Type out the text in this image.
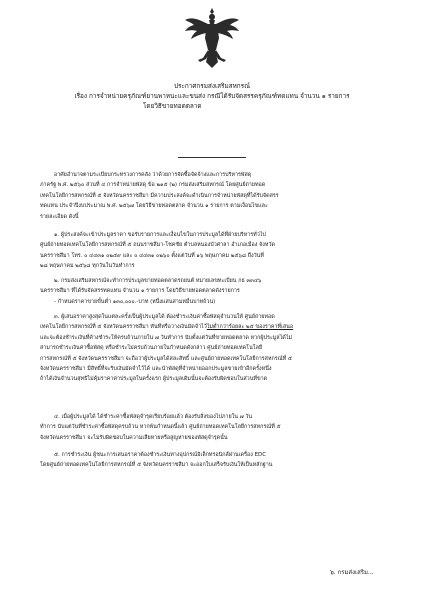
ประกาศกรมส่งเสริมสหกรณ์
เรื่อง การจำหน่ายครุภัณฑ์ยานพาหนะและขนส่ง กรณีได้รับจัดสรรครุภัณฑ์ทดแทน จำนวน ๑ รายการ
โดยวิธีขายทอดตลาด
อาศัยอำนาจตามระเบียบกระทรวงการคลัง ว่าด้วยการจัดซื้อจัดจ้างและการบริหารพัสดุ
ภาครัฐ พ.ศ. ๒๕๖๐ ส่วนที่ ๔ การจำหน่ายพัสดุ ข้อ ๒๑๕ (๒) กรมส่งเสริมสหกรณ์ โดยศูนย์ถ่ายทอด
เทคโนโลยีการสหกรณ์ที่ ๕ จังหวัดนครราชสีมา มีความประสงค์จะดำเนินการจำหน่ายพัสดุที่ได้รับจัดสรร
ทดแทน ประจำปีงบประมาณ พ.ศ. ๒๕๖๗ โดยวิธีขายทอดตลาด จำนวน ๑ รายการ ตามเงื่อนไขและ
รายละเอียด ดังนี้
๑. ผู้ประสงค์จะเข้าประมูลราคา ขอรับรายการและเงื่อนไขในการประมูลได้ที่ฝ่ายบริหารทั่วไป
ศูนย์ถ่ายทอดเทคโนโลยีการสหกรณ์ที่ ๕ ถนนราชสีมา-โชคชัย ตำบลหนองบัวศาลา อำเภอเมือง จังหวัด
นครราชสีมา โทร. ๐ ๔๔๓๑ ๐๒๕๙ และ ๐ ๔๔๓๑ ๐๒๖๐ ตั้งแต่วันที่ ๑๖ พฤษภาคม ๒๕๖๘ ถึงวันที่
๒๘ พฤษภาคม ๒๕๖๘ ทุกวันในวันทำการ
๒. กรมส่งเสริมสหกรณ์จะทำการประมูลขายทอดตลาดรถยนต์ หมายเลขทะเบียน กธ ๓๓๔๖
นครราชสีมา ที่ได้รับจัดสรรทดแทน จำนวน ๑ รายการ โดยวิธีขายทอดตลาดดังรายการ
- กำหนดราคาขายขั้นต่ำ ๑๓๐,๐๐๐.-บาท (หนึ่งแสนสามหมื่นบาทถ้วน)
๓. ผู้เสนอราคาสูงสุดในแต่ละครั้งเป็นผู้ประมูลได้ ต้องชำระเงินค่าซื้อพัสดุจำนวนให้ ศูนย์ถ่ายทอด
เทคโนโลยีการสหกรณ์ที่ ๕ จังหวัดนครราชสีมา ทันทีหรือวางเงินมัดจำไว้ไม่ต่ำกว่าร้อยละ ๒๕ ของราคาที่เสนอ
และจะต้องชำระเงินที่ค้างชำระให้ครบถ้วนภายใน ๗ วันทำการ นับตั้งแต่วันที่ขายทอดตลาด หากผู้ประมูลได้ไม่
สามารถชำระเงินค่าซื้อพัสดุ หรือชำระไม่ครบถ้วนภายในกำหนดดังกล่าว ศูนย์ถ่ายทอดเทคโนโลยี
การสหกรณ์ที่ ๕ จังหวัดนครราชสีมา จะถือว่าผู้ประมูลได้สละสิทธิ์ และศูนย์ถ่ายทอดเทคโนโลยีการสหกรณ์ที่ ๕
จังหวัดนครราชสีมา มีสิทธิ์ที่จะริบเงินมัดจำไว้ได้ และนำพัสดุที่จำหน่ายออกประมูลขายเข้าอีกครั้งหนึ่ง
ถ้าได้เงินจำนวนสุทธิไม่คุ้มราคาค่าประมูลในครั้งแรก ผู้ประมูลเดิมนั้นจะต้องรับผิดชอบในส่วนที่ขาด
๔. เมื่อผู้ประมูลได้ ได้ชำระค่าซื้อพัสดุจำรุดเรียบร้อยแล้ว ต้องรับสิ่งของไปภายใน ๗ วัน
ทำการ นับแต่วันที่ชำระค่าซื้อพัสดุครบถ้วน หากพ้นกำหนดนี้แล้ว ศูนย์ถ่ายทอดเทคโนโลยีการสหกรณ์ที่ ๕
จังหวัดนครราชสีมา จะไม่รับผิดชอบในความเสียหายหรือสูญหายของพัสดุจำรุดนั้น
๕. การชำระเงิน ผู้ชนะการเสนอราคาต้องชำระเงินทางอุปกรณ์อิเล็กทรอนิกส์ผ่านเครื่อง EDC
โดยศูนย์ถ่ายทอดเทคโนโลยีการสหกรณ์ที่ ๕ จังหวัดนครราชสีมา จะออกใบเสร็จรับเงินให้เป็นหลักฐาน
๖. กรมส่งเสริม...
